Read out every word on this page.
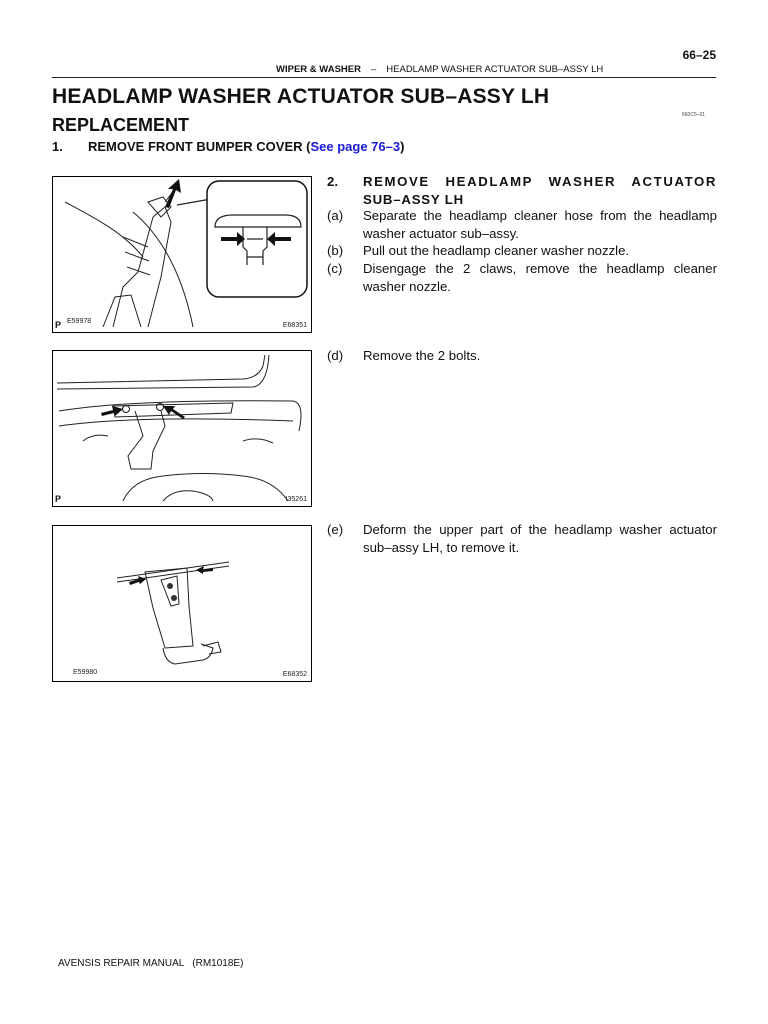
66–25
WIPER & WASHER – HEADLAMP WASHER ACTUATOR SUB–ASSY LH
660C5–01
HEADLAMP WASHER ACTUATOR SUB–ASSY LH
REPLACEMENT
1. REMOVE FRONT BUMPER COVER (See page 76–3)
P E59978
E68351
P	I35261
E59980	E68352
2. REMOVE HEADLAMP WASHER ACTUATOR
SUB–ASSY LH
(a) Separate the headlamp cleaner hose from the headlamp washer actuator sub–assy.
(b) Pull out the headlamp cleaner washer nozzle.
(c) Disengage the 2 claws, remove the headlamp cleaner washer nozzle.
(d) Remove the 2 bolts.
(e) Deform the upper part of the headlamp washer actuator sub–assy LH, to remove it.
AVENSIS REPAIR MANUAL   (RM1018E)
